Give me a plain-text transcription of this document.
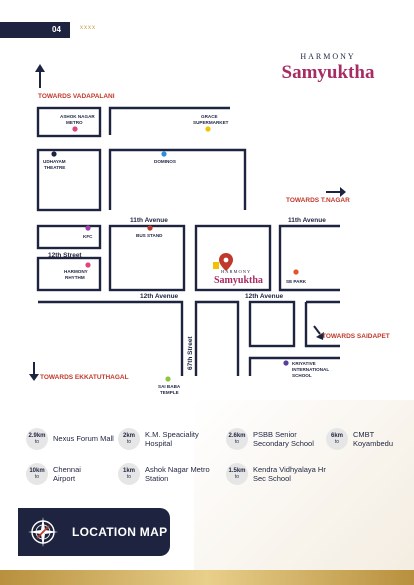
04	xxxx
HARMONY
Samyuktha
TOWARDS VADAPALANI
TOWARDS T.NAGAR
TOWARDS SAIDAPET
TOWARDS EKKATUTHAGAL
11th Avenue	11th Avenue
12th Street
12th Avenue	12th Avenue
67th Street
ASHOK NAGAR
METRO
GRACE
SUPERMARKET
UDHAYAM
THEATRE
DOMINOS
KFC	BUS STAND
HARMONY
RHYTHM
SE PARK
KRIYATIVE
INTERNATIONAL
SCHOOL
SAI BABA
TEMPLE
HARMONY
Samyuktha
2.9km
to Nexus Forum Mall 2km
to
K.M. Speaciality Hospital
2.6km
to
PSBB Senior Secondary School
6km
to
CMBT Koyambedu
10km
to
Chennai Airport
1km
to
Ashok Nagar Metro Station
1.5km
to
Kendra Vidhyalaya Hr Sec School
LOCATION MAP
